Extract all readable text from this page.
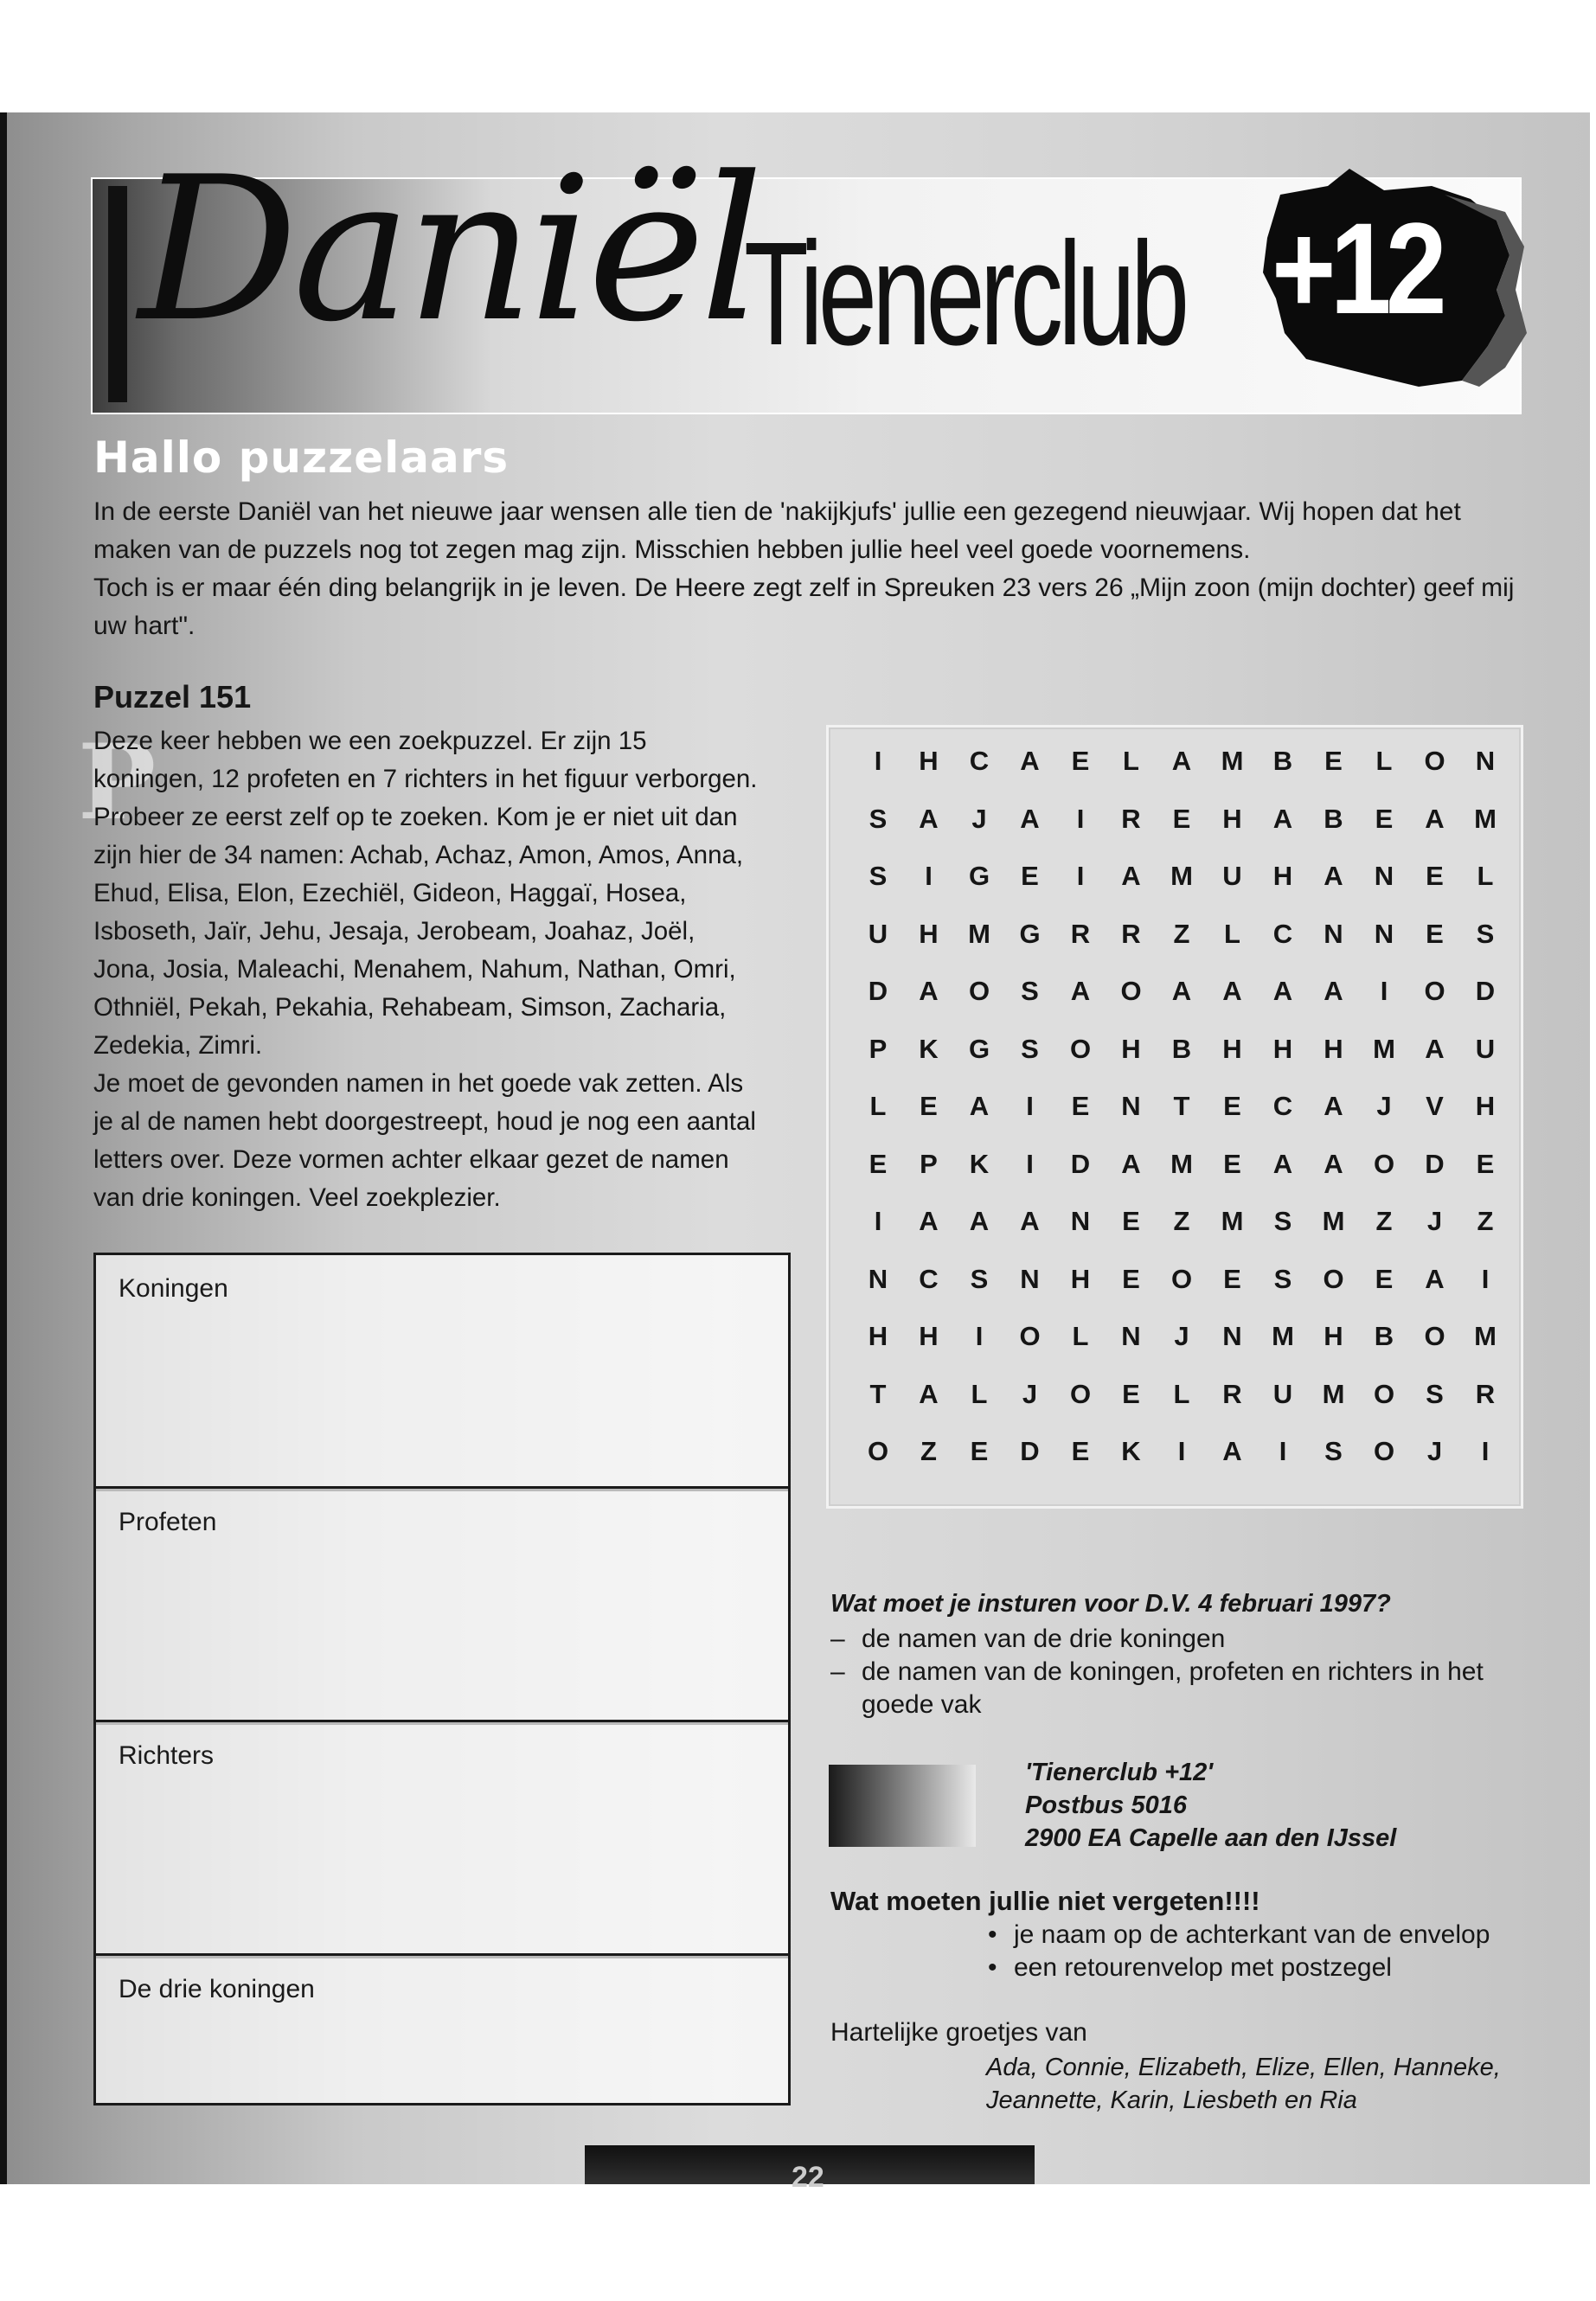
Daniël
Tienerclub +12
Hallo puzzelaars

In de eerste Daniël van het nieuwe jaar wensen alle tien de 'nakijkjufs' jullie een gezegend nieuwjaar. Wij hopen dat het maken van de puzzels nog tot zegen mag zijn. Misschien hebben jullie heel veel goede voornemens.

Toch is er maar één ding belangrijk in je leven. De Heere zegt zelf in Spreuken 23 vers 26 „Mijn zoon (mijn dochter) geef mij uw hart".

P
Puzzel 151

Deze keer hebben we een zoekpuzzel. Er zijn 15 koningen, 12 profeten en 7 richters in het figuur verborgen. Probeer ze eerst zelf op te zoeken. Kom je er niet uit dan zijn hier de 34 namen: Achab, Achaz, Amon, Amos, Anna, Ehud, Elisa, Elon, Ezechiël, Gideon, Haggaï, Hosea, Isboseth, Jaïr, Jehu, Jesaja, Jerobeam, Joahaz, Joël, Jona, Josia, Maleachi, Menahem, Nahum, Nathan, Omri, Othniël, Pekah, Pekahia, Rehabeam, Simson, Zacharia, Zedekia, Zimri.

Je moet de gevonden namen in het goede vak zetten. Als je al de namen hebt doorgestreept, houd je nog een aantal letters over. Deze vormen achter elkaar gezet de namen van drie koningen. Veel zoekplezier.

I	H	C	A	E	L	A	M	B	E	L	O	N
S	A	J	A	I	R	E	H	A	B	E	A	M
S	I	G	E	I	A	M	U	H	A	N	E	L
U	H	M	G	R	R	Z	L	C	N	N	E	S
D	A	O	S	A	O	A	A	A	A	I	O	D
P	K	G	S	O	H	B	H	H	H	M	A	U
L	E	A	I	E	N	T	E	C	A	J	V	H
E	P	K	I	D	A	M	E	A	A	O	D	E
I	A	A	A	N	E	Z	M	S	M	Z	J	Z
N	C	S	N	H	E	O	E	S	O	E	A	I
H	H	I	O	L	N	J	N	M	H	B	O	M
T	A	L	J	O	E	L	R	U	M	O	S	R
O	Z	E	D	E	K	I	A	I	S	O	J	I
Koningen
Profeten
Richters
De drie koningen
Wat moet je insturen voor D.V. 4 februari 1997?
– de namen van de drie koningen
– de namen van de koningen, profeten en richters in het goede vak
'Tienerclub +12'
Postbus 5016
2900 EA Capelle aan den IJssel
Wat moeten jullie niet vergeten!!!!
• je naam op de achterkant van de envelop
• een retourenvelop met postzegel
Hartelijke groetjes van
Ada, Connie, Elizabeth, Elize, Ellen, Hanneke, Jeannette, Karin, Liesbeth en Ria
22
